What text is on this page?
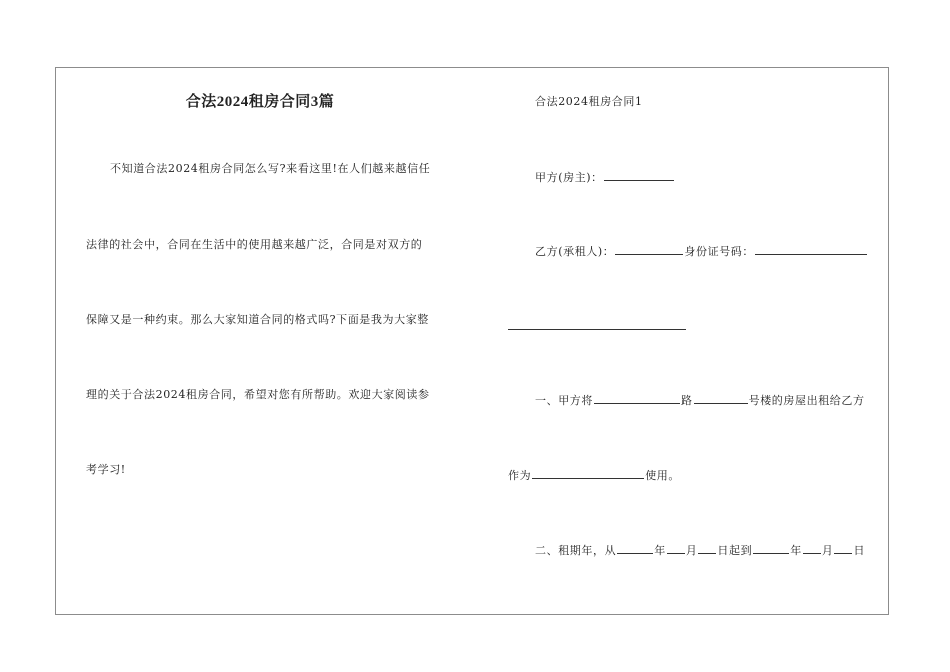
合法2024租房合同3篇
不知道合法2024租房合同怎么写?来看这里!在人们越来越信任
法律的社会中，合同在生活中的使用越来越广泛，合同是对双方的
保障又是一种约束。那么大家知道合同的格式吗?下面是我为大家整
理的关于合法2024租房合同，希望对您有所帮助。欢迎大家阅读参
考学习!
合法2024租房合同1
甲方(房主)：
乙方(承租人)：	身份证号码：
一、甲方将	路	号楼的房屋出租给乙方
作为	使用。
二、租期年，从	年 月 日起到	年 月 日
